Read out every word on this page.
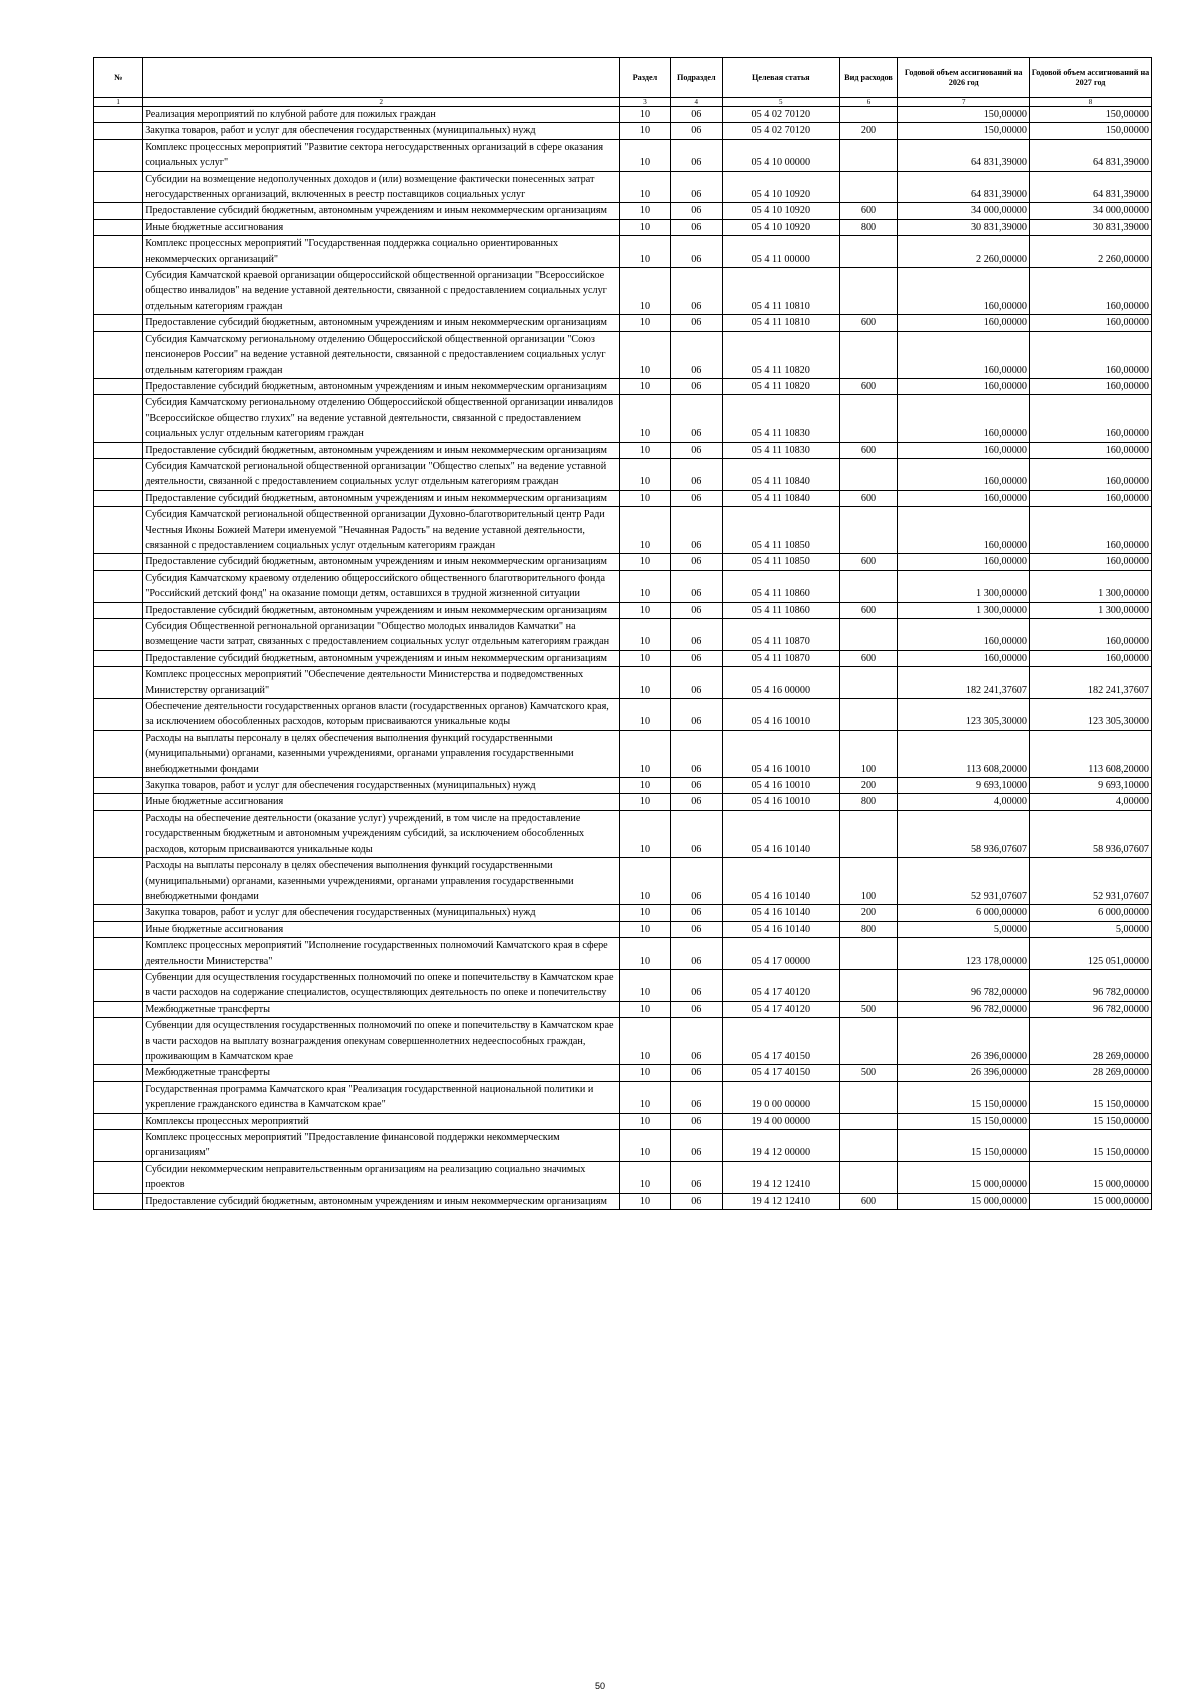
№		Раздел	Подраздел	Целевая статья	Вид расходов	Годовой объем ассигнований на 2026 год	Годовой объем ассигнований на 2027 год
1	2	3	4	5	6	7	8
	Реализация мероприятий по клубной работе для пожилых граждан	10	06	05 4 02 70120		150,00000	150,00000
	Закупка товаров, работ и услуг для обеспечения государственных (муниципальных) нужд	10	06	05 4 02 70120	200	150,00000	150,00000
	Комплекс процессных мероприятий "Развитие сектора негосударственных организаций в сфере оказания социальных услуг"	10	06	05 4 10 00000		64 831,39000	64 831,39000
	Субсидии на возмещение недополученных доходов и (или) возмещение фактически понесенных затрат негосударственных организаций, включенных в реестр поставщиков социальных услуг	10	06	05 4 10 10920		64 831,39000	64 831,39000
	Предоставление субсидий бюджетным, автономным учреждениям и иным некоммерческим организациям	10	06	05 4 10 10920	600	34 000,00000	34 000,00000
	Иные бюджетные ассигнования	10	06	05 4 10 10920	800	30 831,39000	30 831,39000
	Комплекс процессных мероприятий "Государственная поддержка социально ориентированных некоммерческих организаций"	10	06	05 4 11 00000		2 260,00000	2 260,00000
	Субсидия Камчатской краевой организации общероссийской общественной организации "Всероссийское общество инвалидов" на ведение уставной деятельности, связанной с предоставлением социальных услуг отдельным категориям граждан	10	06	05 4 11 10810		160,00000	160,00000
	Предоставление субсидий бюджетным, автономным учреждениям и иным некоммерческим организациям	10	06	05 4 11 10810	600	160,00000	160,00000
	Субсидия Камчатскому региональному отделению Общероссийской общественной организации "Союз пенсионеров России" на ведение уставной деятельности, связанной с предоставлением социальных услуг отдельным категориям граждан	10	06	05 4 11 10820		160,00000	160,00000
	Предоставление субсидий бюджетным, автономным учреждениям и иным некоммерческим организациям	10	06	05 4 11 10820	600	160,00000	160,00000
	Субсидия Камчатскому региональному отделению Общероссийской общественной организации инвалидов "Всероссийское общество глухих" на ведение уставной деятельности, связанной с предоставлением социальных услуг отдельным категориям граждан	10	06	05 4 11 10830		160,00000	160,00000
	Предоставление субсидий бюджетным, автономным учреждениям и иным некоммерческим организациям	10	06	05 4 11 10830	600	160,00000	160,00000
	Субсидия Камчатской региональной общественной организации "Общество слепых" на ведение уставной деятельности, связанной с предоставлением социальных услуг отдельным категориям граждан	10	06	05 4 11 10840		160,00000	160,00000
	Предоставление субсидий бюджетным, автономным учреждениям и иным некоммерческим организациям	10	06	05 4 11 10840	600	160,00000	160,00000
	Субсидия Камчатской региональной общественной организации Духовно-благотворительный центр Ради Честныя Иконы Божией Матери именуемой "Нечаянная Радость" на ведение уставной деятельности, связанной с предоставлением социальных услуг отдельным категориям граждан	10	06	05 4 11 10850		160,00000	160,00000
	Предоставление субсидий бюджетным, автономным учреждениям и иным некоммерческим организациям	10	06	05 4 11 10850	600	160,00000	160,00000
	Субсидия Камчатскому краевому отделению общероссийского общественного благотворительного фонда "Российский детский фонд" на оказание помощи детям, оставшихся в трудной жизненной ситуации	10	06	05 4 11 10860		1 300,00000	1 300,00000
	Предоставление субсидий бюджетным, автономным учреждениям и иным некоммерческим организациям	10	06	05 4 11 10860	600	1 300,00000	1 300,00000
	Субсидия Общественной регнональной организации "Общество молодых инвалидов Камчатки" на возмещение части затрат, связанных с предоставлением социальных услуг отдельным категориям граждан	10	06	05 4 11 10870		160,00000	160,00000
	Предоставление субсидий бюджетным, автономным учреждениям и иным некоммерческим организациям	10	06	05 4 11 10870	600	160,00000	160,00000
	Комплекс процессных мероприятий "Обеспечение деятельности Министерства и подведомственных Министерству организаций"	10	06	05 4 16 00000		182 241,37607	182 241,37607
	Обеспечение деятельности государственных органов власти (государственных органов) Камчатского края, за исключением обособленных расходов, которым присваиваются уникальные коды	10	06	05 4 16 10010		123 305,30000	123 305,30000
	Расходы на выплаты персоналу в целях обеспечения выполнения функций государственными (муниципальными) органами, казенными учреждениями, органами управления государственными внебюджетными фондами	10	06	05 4 16 10010	100	113 608,20000	113 608,20000
	Закупка товаров, работ и услуг для обеспечения государственных (муниципальных) нужд	10	06	05 4 16 10010	200	9 693,10000	9 693,10000
	Иные бюджетные ассигнования	10	06	05 4 16 10010	800	4,00000	4,00000
	Расходы на обеспечение деятельности (оказание услуг) учреждений, в том числе на предоставление государственным бюджетным и автономным учреждениям субсидий, за исключением обособленных расходов, которым присваиваются уникальные коды	10	06	05 4 16 10140		58 936,07607	58 936,07607
	Расходы на выплаты персоналу в целях обеспечения выполнения функций государственными (муниципальными) органами, казенными учреждениями, органами управления государственными внебюджетными фондами	10	06	05 4 16 10140	100	52 931,07607	52 931,07607
	Закупка товаров, работ и услуг для обеспечения государственных (муниципальных) нужд	10	06	05 4 16 10140	200	6 000,00000	6 000,00000
	Иные бюджетные ассигнования	10	06	05 4 16 10140	800	5,00000	5,00000
	Комплекс процессных мероприятий "Исполнение государственных полномочий Камчатского края в сфере деятельности Министерства"	10	06	05 4 17 00000		123 178,00000	125 051,00000
	Субвенции для осуществления государственных полномочий по опеке и попечительству в Камчатском крае в части расходов на содержание специалистов, осуществляющих деятельность по опеке и попечительству	10	06	05 4 17 40120		96 782,00000	96 782,00000
	Межбюджетные трансферты	10	06	05 4 17 40120	500	96 782,00000	96 782,00000
	Субвенции для осуществления государственных полномочий по опеке и попечительству в Камчатском крае в части расходов на выплату вознаграждения опекунам совершеннолетних недееспособных граждан, проживающим в Камчатском крае	10	06	05 4 17 40150		26 396,00000	28 269,00000
	Межбюджетные трансферты	10	06	05 4 17 40150	500	26 396,00000	28 269,00000
	Государственная программа Камчатского края "Реализация государственной национальной политики и укрепление гражданского единства в Камчатском крае"	10	06	19 0 00 00000		15 150,00000	15 150,00000
	Комплексы процессных мероприятий	10	06	19 4 00 00000		15 150,00000	15 150,00000
	Комплекс процессных мероприятий "Предоставление финансовой поддержки некоммерческим организациям"	10	06	19 4 12 00000		15 150,00000	15 150,00000
	Субсидии некоммерческим неправительственным организациям на реализацию социально значимых проектов	10	06	19 4 12 12410		15 000,00000	15 000,00000
	Предоставление субсидий бюджетным, автономным учреждениям и иным некоммерческим организациям	10	06	19 4 12 12410	600	15 000,00000	15 000,00000
50
